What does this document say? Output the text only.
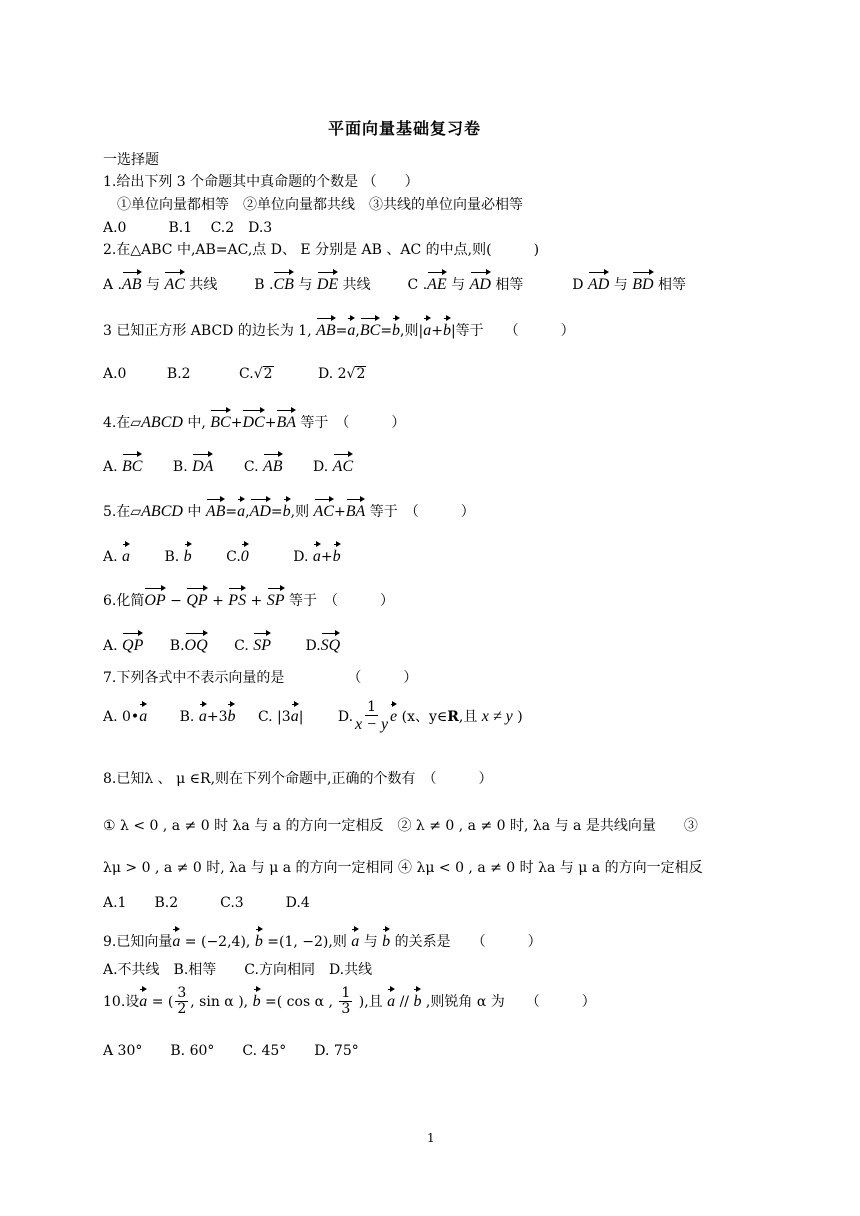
平面向量基础复习卷
一选择题
1.给出下列 3 个命题其中真命题的个数是 （　　）
①单位向量都相等　②单位向量都共线　③共线的单位向量必相等
A.0　　　B.1　 C.2　D.3
2.在△ABC 中,AB=AC,点 D、 E 分别是 AB 、AC 的中点,则(　　　)
A .AB 与 AC 共线	B .CB 与 DE 共线	C .AE 与 AD 相等	D AD 与 BD 相等
3 已知正方形 ABCD 的边长为 1, AB=a,BC=b,则|a+b|等于　　（　　　）
A.0	B.2	C.√2	D. 2√2
4.在▱ABCD 中, BC+DC+BA 等于　（　　　）
A. BC B. DA C. AB D. AC
5.在▱ABCD 中 AB=a,AD=b,则 AC+BA 等于　（　　　）
A. a B. b C.0	D. a+b
6.化简OP − QP + PS + SP 等于　（　　　）
A. QP B.OQ C. SP D.SQ
7.下列各式中不表示向量的是　　　　　（　　　）
A. 0•a B. a+3b C. |3a| D. $\frac{1}{x - y}$ e (x、y∈R,且 x ≠ y )
8.已知λ 、 μ ∈R,则在下列个命题中,正确的个数有　（　　　）
① λ < 0 , a ≠ 0 时 λa 与 a 的方向一定相反　② λ ≠ 0 , a ≠ 0 时, λa 与 a 是共线向量　　③
λμ > 0 , a ≠ 0 时, λa 与 μ a 的方向一定相同 ④ λμ < 0 , a ≠ 0 时 λa 与 μ a 的方向一定相反
A.1　　B.2　　　C.3　　　D.4
9.已知向量a = (−2,4), b =(1, −2),则 a 与 b 的关系是　　（　　　）
A.不共线　B.相等　　C.方向相同　D.共线
10.设a = ( $\frac{3}{2}$ , sin α ), b =( cos α , $\frac{1}{3}$ ),且 a // b ,则锐角 α 为　　（　　　）
A 30°　　B. 60°　　C. 45°　　D. 75°
1
